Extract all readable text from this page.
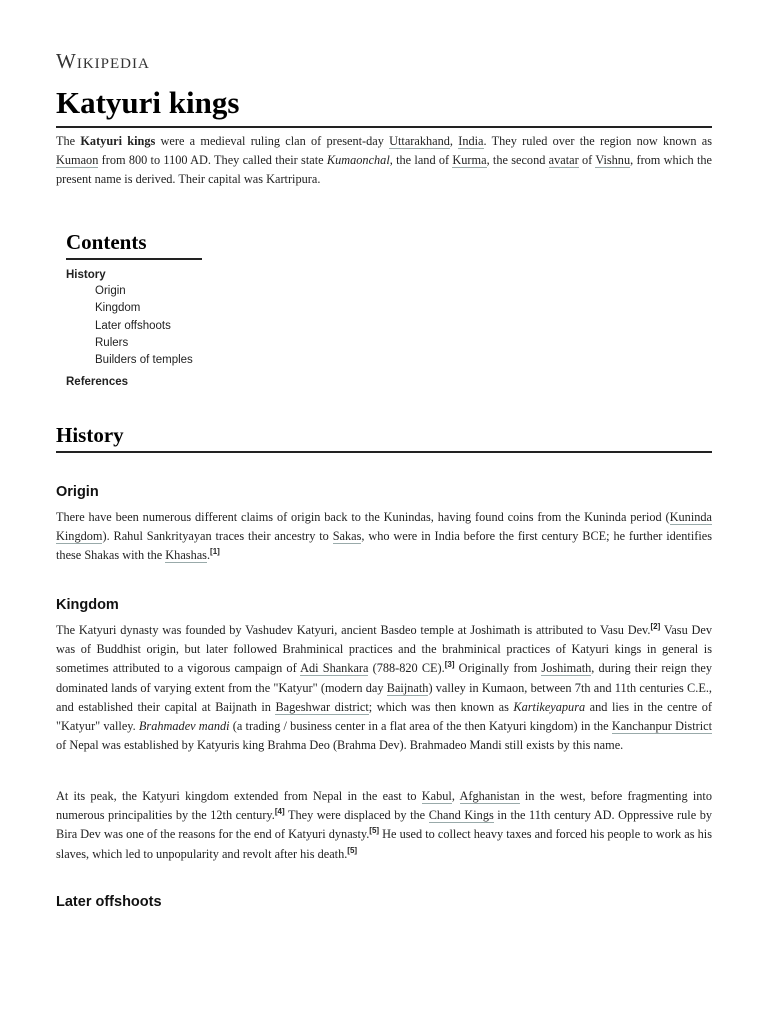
Wikipedia
Katyuri kings

The Katyuri kings were a medieval ruling clan of present-day Uttarakhand, India. They ruled over the region now known as Kumaon from 800 to 1100 AD. They called their state Kumaonchal, the land of Kurma, the second avatar of Vishnu, from which the present name is derived. Their capital was Kartripura.

Contents
History
Origin
Kingdom
Later offshoots
Rulers
Builders of temples
References
History
Origin

There have been numerous different claims of origin back to the Kunindas, having found coins from the Kuninda period (Kuninda Kingdom). Rahul Sankrityayan traces their ancestry to Sakas, who were in India before the first century BCE; he further identifies these Shakas with the Khashas.[1]

Kingdom

The Katyuri dynasty was founded by Vashudev Katyuri, ancient Basdeo temple at Joshimath is attributed to Vasu Dev.[2] Vasu Dev was of Buddhist origin, but later followed Brahminical practices and the brahminical practices of Katyuri kings in general is sometimes attributed to a vigorous campaign of Adi Shankara (788-820 CE).[3] Originally from Joshimath, during their reign they dominated lands of varying extent from the "Katyur" (modern day Baijnath) valley in Kumaon, between 7th and 11th centuries C.E., and established their capital at Baijnath in Bageshwar district; which was then known as Kartikeyapura and lies in the centre of "Katyur" valley. Brahmadev mandi (a trading / business center in a flat area of the then Katyuri kingdom) in the Kanchanpur District of Nepal was established by Katyuris king Brahma Deo (Brahma Dev). Brahmadeo Mandi still exists by this name.

At its peak, the Katyuri kingdom extended from Nepal in the east to Kabul, Afghanistan in the west, before fragmenting into numerous principalities by the 12th century.[4] They were displaced by the Chand Kings in the 11th century AD. Oppressive rule by Bira Dev was one of the reasons for the end of Katyuri dynasty.[5] He used to collect heavy taxes and forced his people to work as his slaves, which led to unpopularity and revolt after his death.[5]

Later offshoots
